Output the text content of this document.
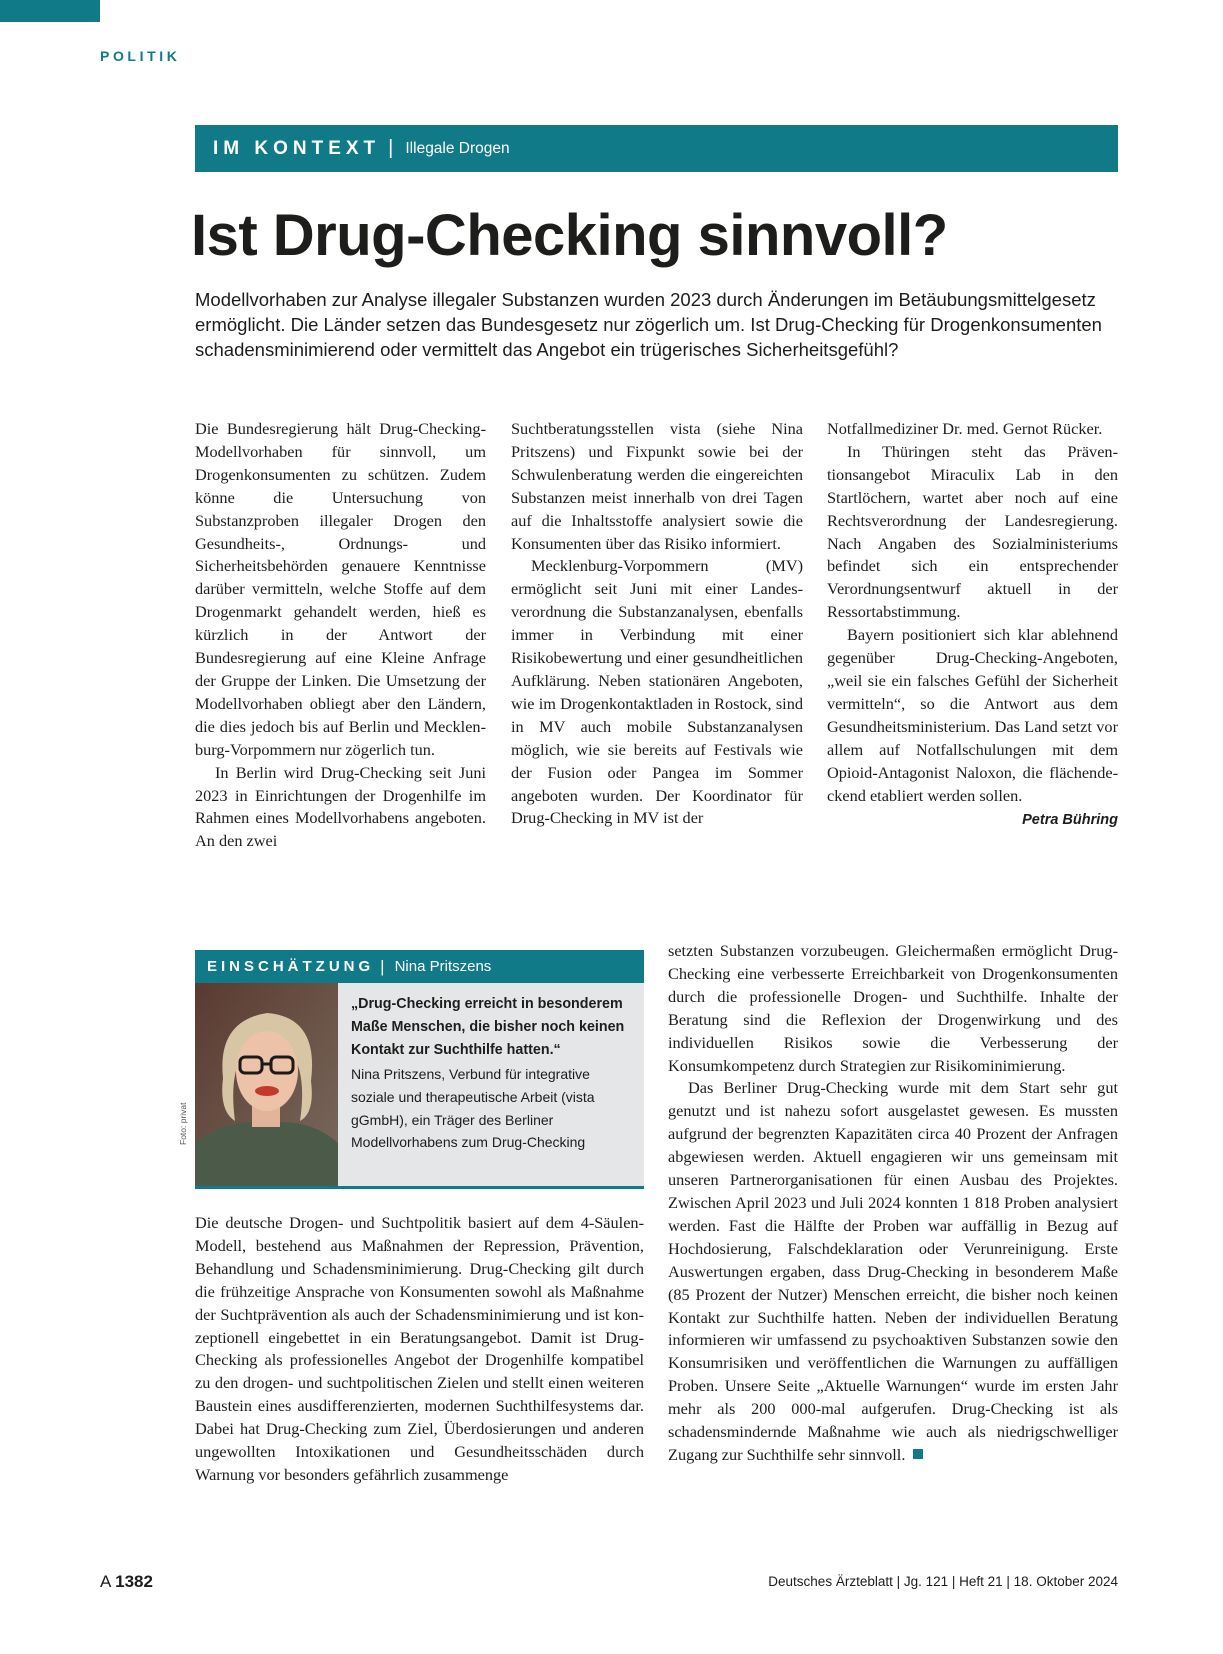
POLITIK
IM KONTEXT | Illegale Drogen
Ist Drug-Checking sinnvoll?

Modellvorhaben zur Analyse illegaler Substanzen wurden 2023 durch Änderungen im Betäubungsmittelgesetz ermöglicht. Die Länder setzen das Bundesgesetz nur zögerlich um. Ist Drug-Checking für Drogenkonsumenten schadensminimierend oder vermittelt das Angebot ein trügerisches Sicherheitsgefühl?

Die Bundesregierung hält Drug-Checking-Modellvorhaben für sinnvoll, um Drogenkonsumenten zu schützen. Zudem könne die Untersuchung von Substanzproben illegaler Drogen den Gesundheits-, Ordnungs- und Sicherheitsbehörden genauere Kenntnisse darüber vermitteln, welche Stoffe auf dem Drogenmarkt gehandelt werden, hieß es kürzlich in der Antwort der Bundesregierung auf eine Kleine Anfrage der Gruppe der Linken. Die Umsetzung der Modellvorhaben obliegt aber den Ländern, die dies jedoch bis auf Berlin und Mecklenburg-Vorpommern nur zögerlich tun.

In Berlin wird Drug-Checking seit Juni 2023 in Einrichtungen der Drogenhilfe im Rahmen eines Modellvorhabens angeboten. An den zwei

Suchtberatungsstellen vista (siehe Nina Pritszens) und Fixpunkt sowie bei der Schwulenberatung werden die eingereichten Substanzen meist innerhalb von drei Tagen auf die Inhaltsstoffe analysiert sowie die Konsumenten über das Risiko informiert.

Mecklenburg-Vorpommern (MV) ermöglicht seit Juni mit einer Landesverordnung die Substanzanalysen, ebenfalls immer in Verbindung mit einer Risikobewertung und einer gesundheitlichen Aufklärung. Neben stationären Angeboten, wie im Drogenkontaktladen in Rostock, sind in MV auch mobile Substanzanalysen möglich, wie sie bereits auf Festivals wie der Fusion oder Pangea im Sommer angeboten wurden. Der Koordinator für Drug-Checking in MV ist der

Notfallmediziner Dr. med. Gernot Rücker.

In Thüringen steht das Präventionsangebot Miraculix Lab in den Startlöchern, wartet aber noch auf eine Rechtsverordnung der Landesregierung. Nach Angaben des Sozialministeriums befindet sich ein entsprechender Verordnungsentwurf aktuell in der Ressortabstimmung.

Bayern positioniert sich klar ablehnend gegenüber Drug-Checking-Angeboten, „weil sie ein falsches Gefühl der Sicherheit vermitteln“, so die Antwort aus dem Gesundheitsministerium. Das Land setzt vor allem auf Notfallschulungen mit dem Opioid-Antagonist Naloxon, die flächendeckend etabliert werden sollen.

Petra Bühring
EINSCHÄTZUNG | Nina Pritszens
„Drug-Checking erreicht in besonderem Maße Menschen, die bisher noch keinen Kontakt zur Suchthilfe hatten.“
Nina Pritszens, Verbund für integrative soziale und therapeutische Arbeit (vista gGmbH), ein Träger des Berliner Modellvorhabens zum Drug-Checking
Foto: privat

Die deutsche Drogen- und Suchtpolitik basiert auf dem 4-Säulen-Modell, bestehend aus Maßnahmen der Repression, Prävention, Behandlung und Schadensminimierung. Drug-Checking gilt durch die frühzeitige Ansprache von Konsumenten sowohl als Maßnahme der Suchtprävention als auch der Schadensminimierung und ist konzeptionell eingebettet in ein Beratungsangebot. Damit ist Drug-Checking als professionelles Angebot der Drogenhilfe kompatibel zu den drogen- und suchtpolitischen Zielen und stellt einen weiteren Baustein eines ausdifferenzierten, modernen Suchthilfesystems dar. Dabei hat Drug-Checking zum Ziel, Überdosierungen und anderen ungewollten Intoxikationen und Gesundheitsschäden durch Warnung vor besonders gefährlich zusammenge

setzten Substanzen vorzubeugen. Gleichermaßen ermöglicht Drug-Checking eine verbesserte Erreichbarkeit von Drogenkonsumenten durch die professionelle Drogen- und Suchthilfe. Inhalte der Beratung sind die Reflexion der Drogenwirkung und des individuellen Risikos sowie die Verbesserung der Konsumkompetenz durch Strategien zur Risikominimierung.

Das Berliner Drug-Checking wurde mit dem Start sehr gut genutzt und ist nahezu sofort ausgelastet gewesen. Es mussten aufgrund der begrenzten Kapazitäten circa 40 Prozent der Anfragen abgewiesen werden. Aktuell engagieren wir uns gemeinsam mit unseren Partnerorganisationen für einen Ausbau des Projektes. Zwischen April 2023 und Juli 2024 konnten 1 818 Proben analysiert werden. Fast die Hälfte der Proben war auffällig in Bezug auf Hochdosierung, Falschdeklaration oder Verunreinigung. Erste Auswertungen ergaben, dass Drug-Checking in besonderem Maße (85 Prozent der Nutzer) Menschen erreicht, die bisher noch keinen Kontakt zur Suchthilfe hatten. Neben der individuellen Beratung informieren wir umfassend zu psychoaktiven Substanzen sowie den Konsumrisiken und veröffentlichen die Warnungen zu auffälligen Proben. Unsere Seite „Aktuelle Warnungen“ wurde im ersten Jahr mehr als 200 000-mal aufgerufen. Drug-Checking ist als schadensmindernde Maßnahme wie auch als niedrigschwelliger Zugang zur Suchthilfe sehr sinnvoll.

A 1382	Deutsches Ärzteblatt | Jg. 121 | Heft 21 | 18. Oktober 2024
